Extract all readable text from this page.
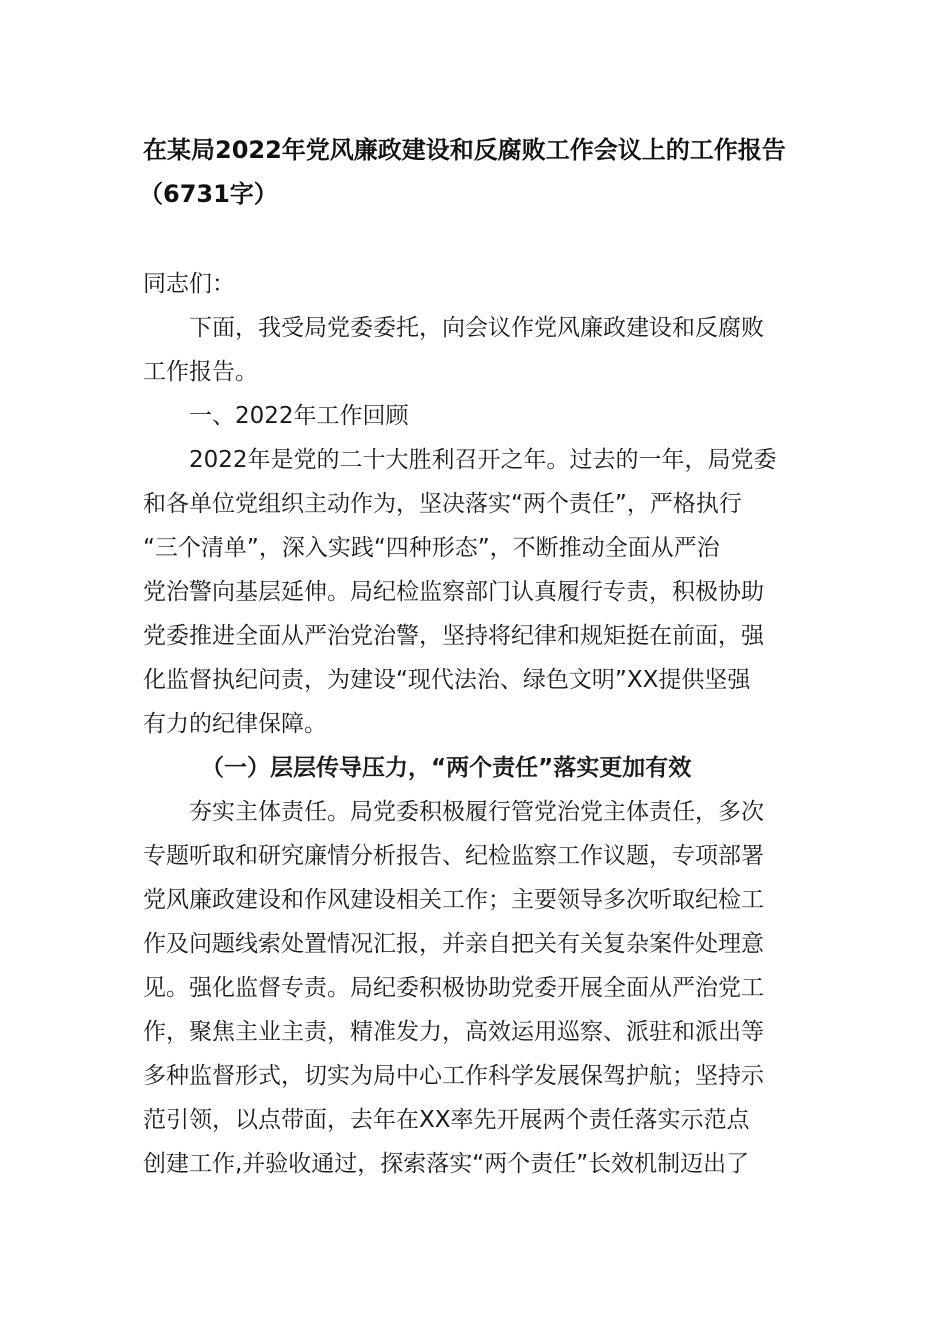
在某局2022年党风廉政建设和反腐败工作会议上的工作报告
（6731字）
同志们：
下面，我受局党委委托，向会议作党风廉政建设和反腐败
工作报告。
一、2022年工作回顾
2022年是党的二十大胜利召开之年。过去的一年，局党委
和各单位党组织主动作为，坚决落实“两个责任”，严格执行
“三个清单”，深入实践“四种形态”，不断推动全面从严治
党治警向基层延伸。局纪检监察部门认真履行专责，积极协助
党委推进全面从严治党治警，坚持将纪律和规矩挺在前面，强
化监督执纪问责，为建设“现代法治、绿色文明”XX提供坚强
有力的纪律保障。
（一）层层传导压力，“两个责任”落实更加有效
夯实主体责任。局党委积极履行管党治党主体责任，多次
专题听取和研究廉情分析报告、纪检监察工作议题，专项部署
党风廉政建设和作风建设相关工作；主要领导多次听取纪检工
作及问题线索处置情况汇报，并亲自把关有关复杂案件处理意
见。强化监督专责。局纪委积极协助党委开展全面从严治党工
作，聚焦主业主责，精准发力，高效运用巡察、派驻和派出等
多种监督形式，切实为局中心工作科学发展保驾护航；坚持示
范引领，以点带面，去年在XX率先开展两个责任落实示范点
创建工作,并验收通过，探索落实“两个责任”长效机制迈出了
